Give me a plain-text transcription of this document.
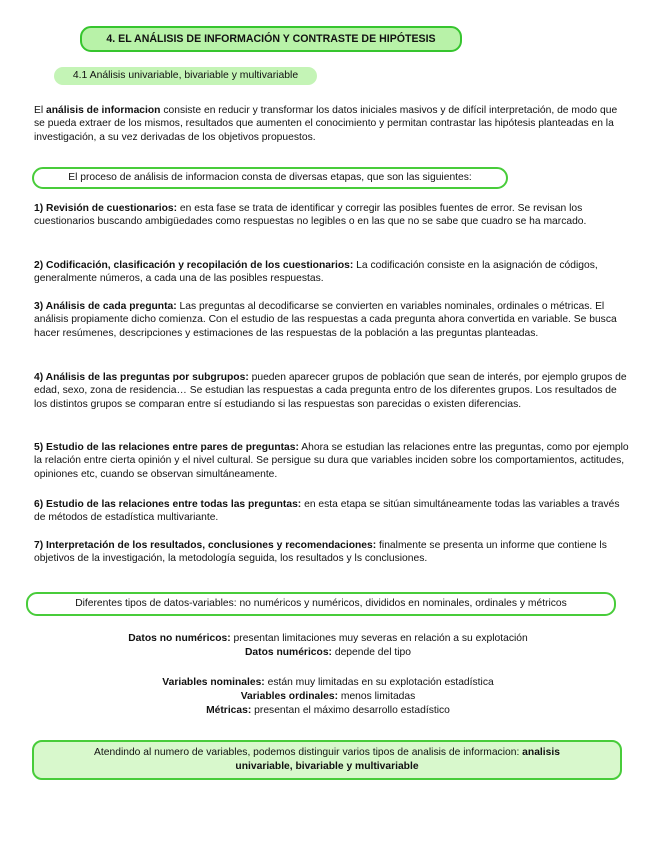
4. EL ANÁLISIS DE INFORMACIÓN Y CONTRASTE DE HIPÓTESIS
4.1 Análisis univariable, bivariable y multivariable
El análisis de informacion consiste en reducir y transformar los datos iniciales masivos y de difícil interpretación, de modo que se pueda extraer de los mismos, resultados que aumenten el conocimiento y permitan contrastar las hipótesis planteadas en la investigación, a su vez derivadas de los objetivos propuestos.
El proceso de análisis de informacion consta de diversas etapas, que son las siguientes:
1) Revisión de cuestionarios: en esta fase se trata de identificar y corregir las posibles fuentes de error. Se revisan los cuestionarios buscando ambigüedades como respuestas no legibles o en las que no se sabe que cuadro se ha marcado.
2) Codificación, clasificación y recopilación de los cuestionarios: La codificación consiste en la asignación de códigos, generalmente números, a cada una de las posibles respuestas.
3) Análisis de cada pregunta: Las preguntas al decodificarse se convierten en variables nominales, ordinales o métricas. El análisis propiamente dicho comienza. Con el estudio de las respuestas a cada pregunta ahora convertida en variable. Se busca hacer resúmenes, descripciones y estimaciones de las respuestas de la población a las preguntas planteadas.
4) Análisis de las preguntas por subgrupos: pueden aparecer grupos de población que sean de interés, por ejemplo grupos de edad, sexo, zona de residencia… Se estudian las respuestas a cada pregunta entro de los diferentes grupos. Los resultados de los distintos grupos se comparan entre sí estudiando si las respuestas son parecidas o existen diferencias.
5) Estudio de las relaciones entre pares de preguntas: Ahora se estudian las relaciones entre las preguntas, como por ejemplo la relación entre cierta opinión y el nivel cultural. Se persigue su dura que variables inciden sobre los comportamientos, actitudes, opiniones etc, cuando se observan simultáneamente.
6) Estudio de las relaciones entre todas las preguntas: en esta etapa se sitúan simultáneamente todas las variables a través de métodos de estadística multivariante.
7) Interpretación de los resultados, conclusiones y recomendaciones: finalmente se presenta un informe que contiene ls objetivos de la investigación, la metodología seguida, los resultados y ls conclusiones.
Diferentes tipos de datos-variables: no numéricos y numéricos, divididos en nominales, ordinales y métricos
Datos no numéricos: presentan limitaciones muy severas en relación a su explotación
Datos numéricos: depende del tipo
Variables nominales: están muy limitadas en su explotación estadística
Variables ordinales: menos limitadas
Métricas: presentan el máximo desarrollo estadístico
Atendindo al numero de variables, podemos distinguir varios tipos de analisis de informacion: analisis
univariable, bivariable y multivariable
